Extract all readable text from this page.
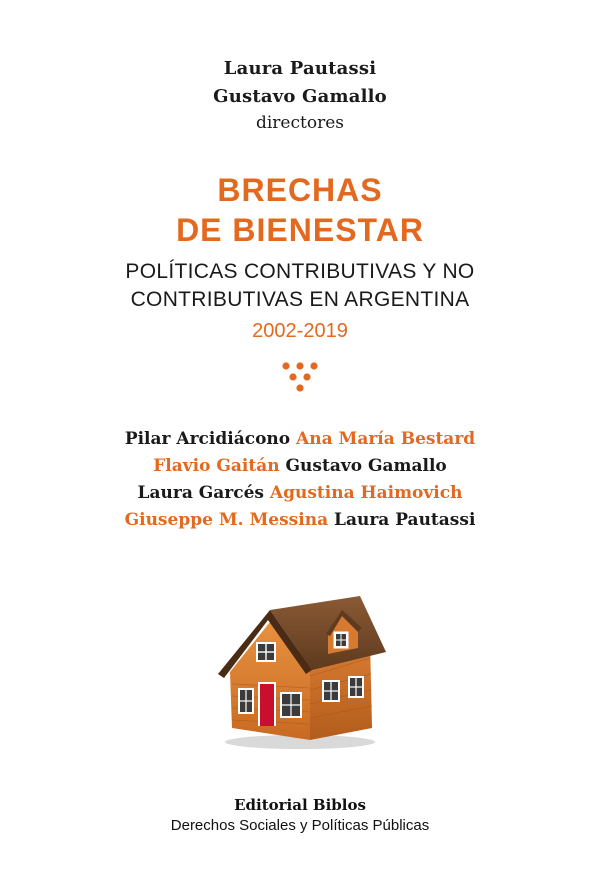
Laura Pautassi
Gustavo Gamallo
directores
BRECHAS
DE BIENESTAR
POLÍTICAS CONTRIBUTIVAS Y NO
CONTRIBUTIVAS EN ARGENTINA
2002-2019
Pilar Arcidiácono Ana María Bestard
Flavio Gaitán Gustavo Gamallo
Laura Garcés Agustina Haimovich
Giuseppe M. Messina Laura Pautassi
Editorial Biblos
Derechos Sociales y Políticas Públicas
